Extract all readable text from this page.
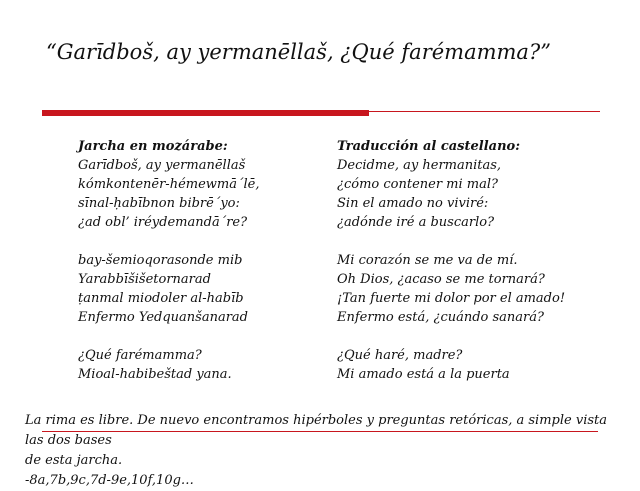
“Garīdboš, ay yermanēllaš, ¿Qué farémamma?”
Jarcha en mozárabe:
Garīdboš, ay yermanēllaš
kómkontenēr-hémewmā´lē,
sīnal-ḥabībnon bibrē´yo:
¿ad obl’ iréydemandā´re?
bay-šemioqorasonde mib
Yarabbīšišetornarad
ṭanmal miodoler al-habīb
Enfermo Yedquanšanarad
¿Qué farémamma?
Mioal-habibeštad yana.
Traducción al castellano:
Decidme, ay hermanitas,
¿cómo contener mi mal?
Sin el amado no viviré:
¿adónde iré a buscarlo?
Mi corazón se me va de mí.
Oh Dios, ¿acaso se me tornará?
¡Tan fuerte mi dolor por el amado!
Enfermo está, ¿cuándo sanará?
¿Qué haré, madre?
Mi amado está a la puerta
La rima es libre. De nuevo encontramos hipérboles y preguntas retóricas, a simple vista las dos bases
de esta jarcha.
-8a,7b,9c,7d-9e,10f,10g…
